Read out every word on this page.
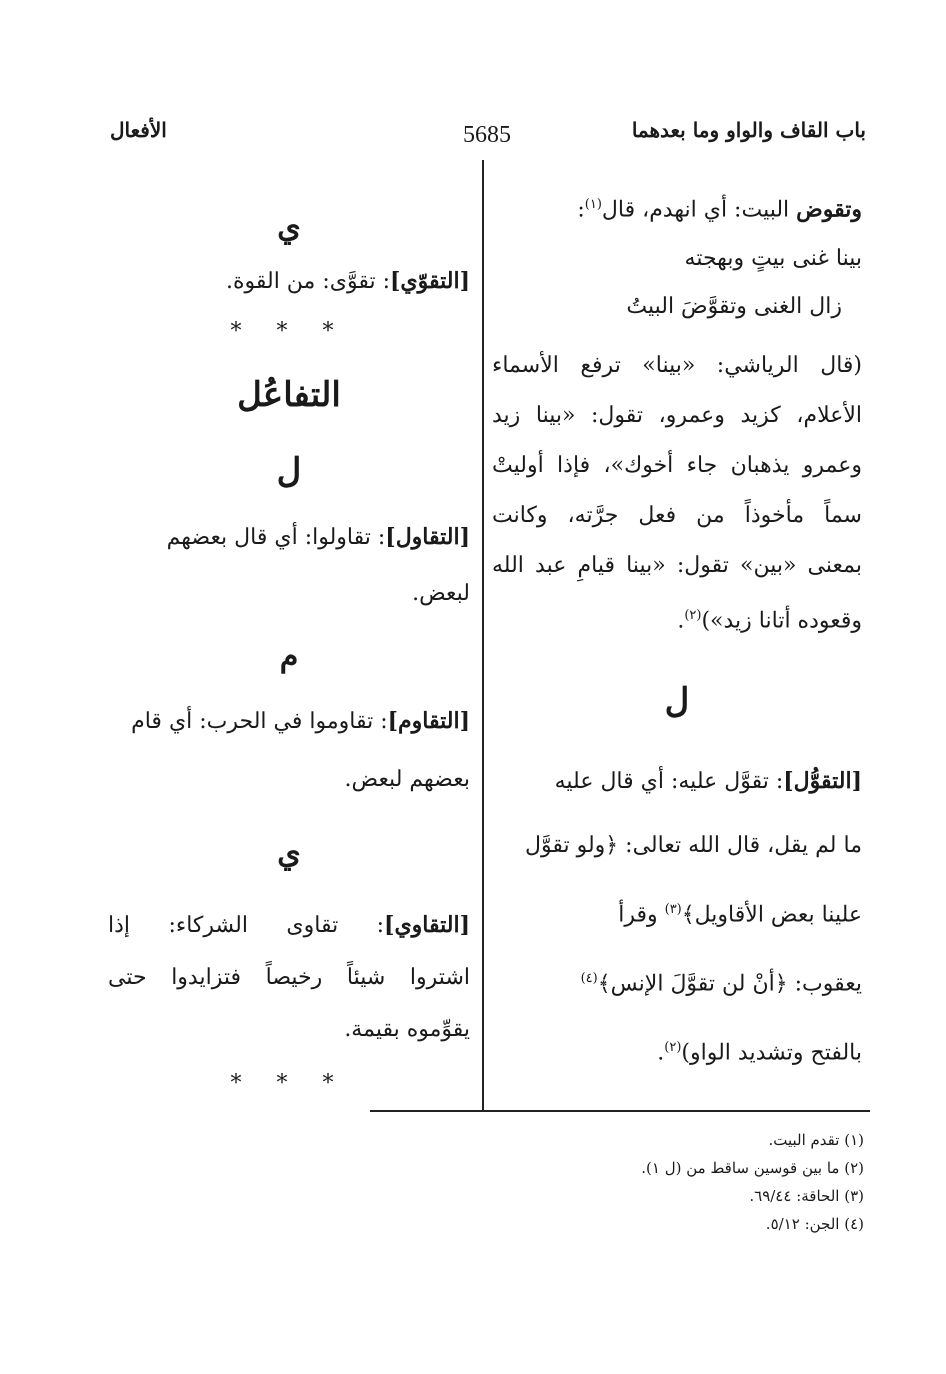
باب القاف والواو وما بعدهما
5685
الأفعال

وتقوض البيت: أي انهدم، قال$^{(١)}$:

بينا غنى بيتٍ وبهجته

زال الغنى وتقوَّضَ البيتُ

(قال الرياشي: «بينا» ترفع الأسماء

الأعلام، كزيد وعمرو، تقول: «بينا زيد

وعمرو يذهبان جاء أخوك»، فإذا أوليتْ

سماً مأخوذاً من فعل جرَّته، وكانت

بمعنى «بين» تقول: «بينا قيامِ عبد الله

وقعوده أتانا زيد»)$^{(٢)}$.

ل

[التقوُّل]: تقوَّل عليه: أي قال عليه

ما لم يقل، قال الله تعالى: ﴿ولو تقوَّل

علينا بعض الأقاويل﴾$^{(٣)}$ وقرأ

يعقوب: ﴿أنْ لن تقوَّلَ الإنس﴾$^{(٤)}$

بالفتح وتشديد الواو)$^{(٢)}$.

ي

[التقوّي]: تقوَّى: من القوة.

* * *

التفاعُل

ل

[التقاول]: تقاولوا: أي قال بعضهم

لبعض.

م

[التقاوم]: تقاوموا في الحرب: أي قام

بعضهم لبعض.

ي

[التقاوي]: تقاوى الشركاء: إذا

اشتروا شيئاً رخيصاً فتزايدوا حتى

يقوِّموه بقيمة.

* * *

(١) تقدم البيت.

(٢) ما بين قوسين ساقط من (ل ١).

(٣) الحاقة: ٦٩/٤٤.

(٤) الجن: ٥/١٢.
